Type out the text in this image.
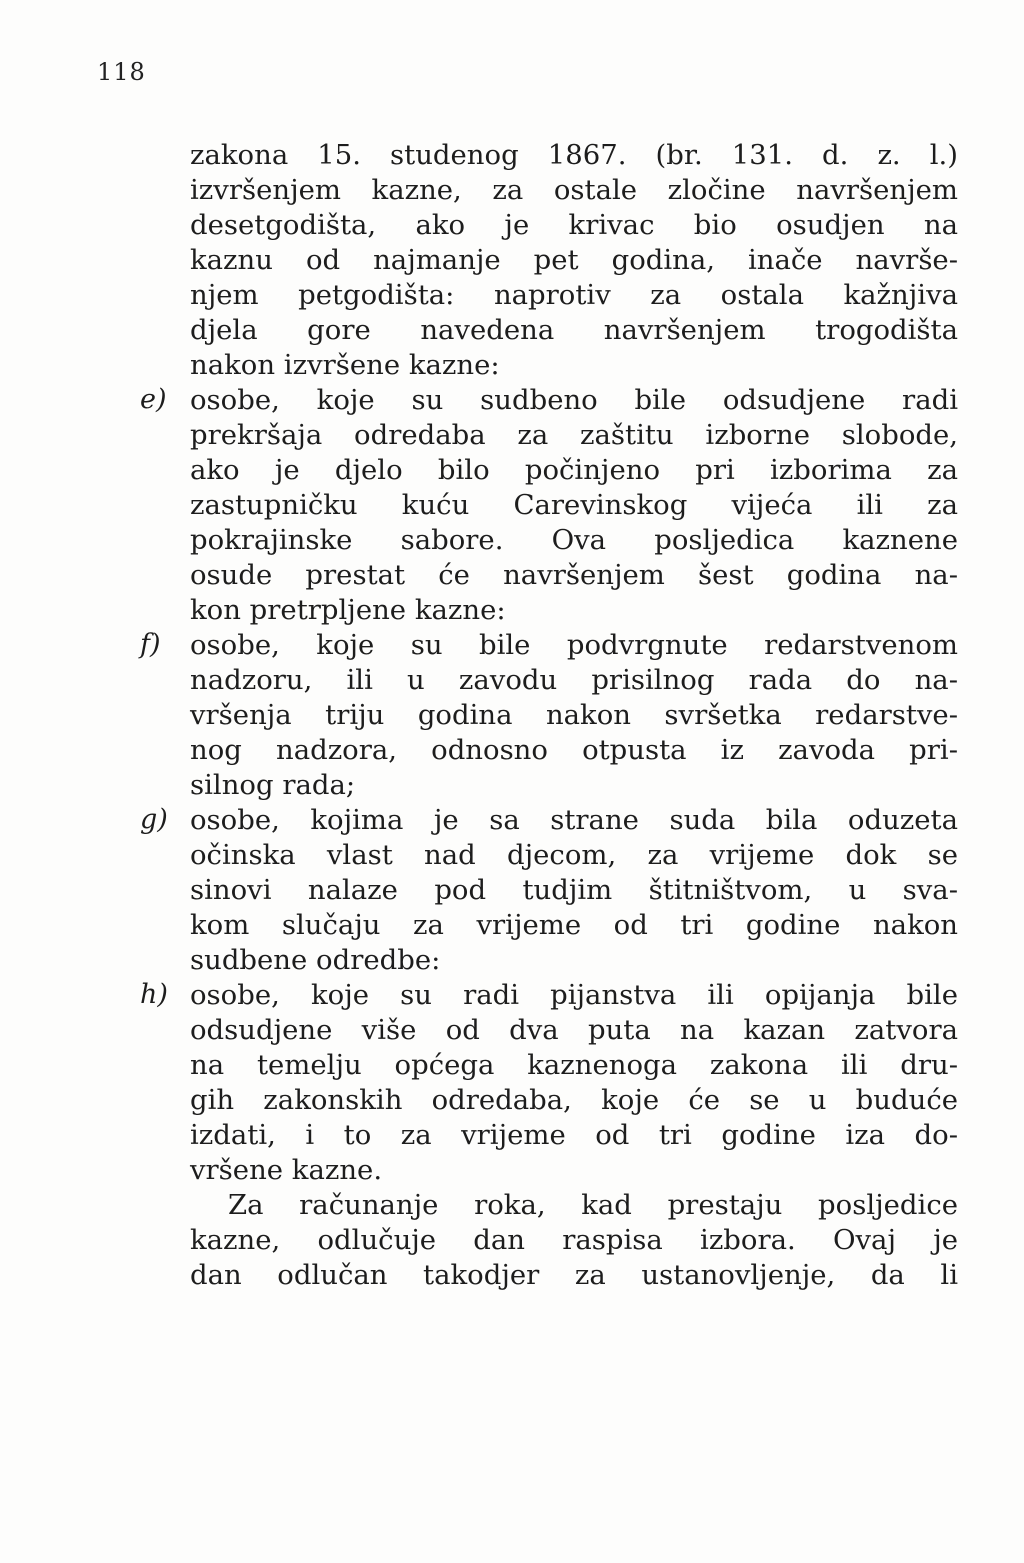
118
zakona 15. studenog 1867. (br. 131. d. z. l.)
izvršenjem kazne, za ostale zločine navršenjem
desetgodišta, ako je krivac bio osudjen na
kaznu od najmanje pet godina, inače navrše-
njem petgodišta: naprotiv za ostala kažnjiva
djela gore navedena navršenjem trogodišta
nakon izvršene kazne:
osobe, koje su sudbeno bile odsudjene radi
e)
prekršaja odredaba za zaštitu izborne slobode,
ako je djelo bilo počinjeno pri izborima za
zastupničku kuću Carevinskog vijeća ili za
pokrajinske sabore. Ova posljedica kaznene
osude prestat će navršenjem šest godina na-
kon pretrpljene kazne:
osobe, koje su bile podvrgnute redarstvenom
f)
nadzoru, ili u zavodu prisilnog rada do na-
vršenja triju godina nakon svršetka redarstve-
nog nadzora, odnosno otpusta iz zavoda pri-
silnog rada;
osobe, kojima je sa strane suda bila oduzeta
g)
očinska vlast nad djecom, za vrijeme dok se
sinovi nalaze pod tudjim štitništvom, u sva-
kom slučaju za vrijeme od tri godine nakon
sudbene odredbe:
osobe, koje su radi pijanstva ili opijanja bile
h)
odsudjene više od dva puta na kazan zatvora
na temelju općega kaznenoga zakona ili dru-
gih zakonskih odredaba, koje će se u buduće
izdati, i to za vrijeme od tri godine iza do-
vršene kazne.
Za računanje roka, kad prestaju posljedice
kazne, odlučuje dan raspisa izbora. Ovaj je
dan odlučan takodjer za ustanovljenje, da li
